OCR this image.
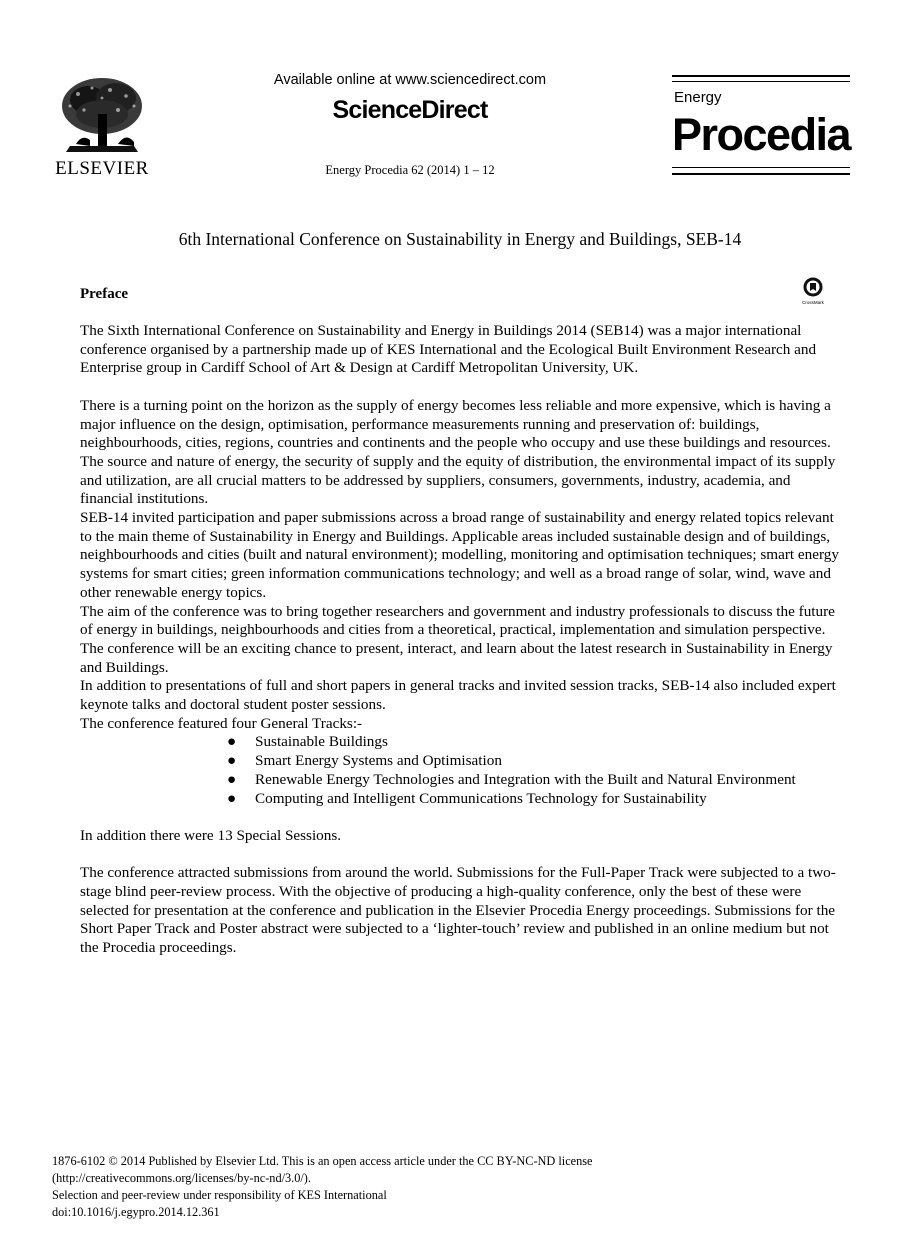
ELSEVIER
Available online at www.sciencedirect.com
ScienceDirect
Energy Procedia 62 (2014) 1 – 12
Energy
Procedia
6th International Conference on Sustainability in Energy and Buildings, SEB-14
Preface
CrossMark

The Sixth International Conference on Sustainability and Energy in Buildings 2014 (SEB14) was a major international conference organised by a partnership made up of KES International and the Ecological Built Environment Research and Enterprise group in Cardiff School of Art & Design at Cardiff Metropolitan University, UK.

There is a turning point on the horizon as the supply of energy becomes less reliable and more expensive, which is having a major influence on the design, optimisation, performance measurements running and preservation of: buildings, neighbourhoods, cities, regions, countries and continents and the people who occupy and use these buildings and resources. The source and nature of energy, the security of supply and the equity of distribution, the environmental impact of its supply and utilization, are all crucial matters to be addressed by suppliers, consumers, governments, industry, academia, and financial institutions.

SEB-14 invited participation and paper submissions across a broad range of sustainability and energy related topics relevant to the main theme of Sustainability in Energy and Buildings. Applicable areas included sustainable design and of buildings, neighbourhoods and cities (built and natural environment); modelling, monitoring and optimisation techniques; smart energy systems for smart cities; green information communications technology; and well as a broad range of solar, wind, wave and other renewable energy topics.

The aim of the conference was to bring together researchers and government and industry professionals to discuss the future of energy in buildings, neighbourhoods and cities from a theoretical, practical, implementation and simulation perspective. The conference will be an exciting chance to present, interact, and learn about the latest research in Sustainability in Energy and Buildings.

In addition to presentations of full and short papers in general tracks and invited session tracks, SEB-14 also included expert keynote talks and doctoral student poster sessions.

The conference featured four General Tracks:-

● Sustainable Buildings
● Smart Energy Systems and Optimisation
● Renewable Energy Technologies and Integration with the Built and Natural Environment
● Computing and Intelligent Communications Technology for Sustainability

In addition there were 13 Special Sessions.

The conference attracted submissions from around the world. Submissions for the Full-Paper Track were subjected to a two-stage blind peer-review process. With the objective of producing a high-quality conference, only the best of these were selected for presentation at the conference and publication in the Elsevier Procedia Energy proceedings. Submissions for the Short Paper Track and Poster abstract were subjected to a ‘lighter-touch’ review and published in an online medium but not the Procedia proceedings.

1876-6102 © 2014 Published by Elsevier Ltd. This is an open access article under the CC BY-NC-ND license
(http://creativecommons.org/licenses/by-nc-nd/3.0/).
Selection and peer-review under responsibility of KES International
doi:10.1016/j.egypro.2014.12.361
